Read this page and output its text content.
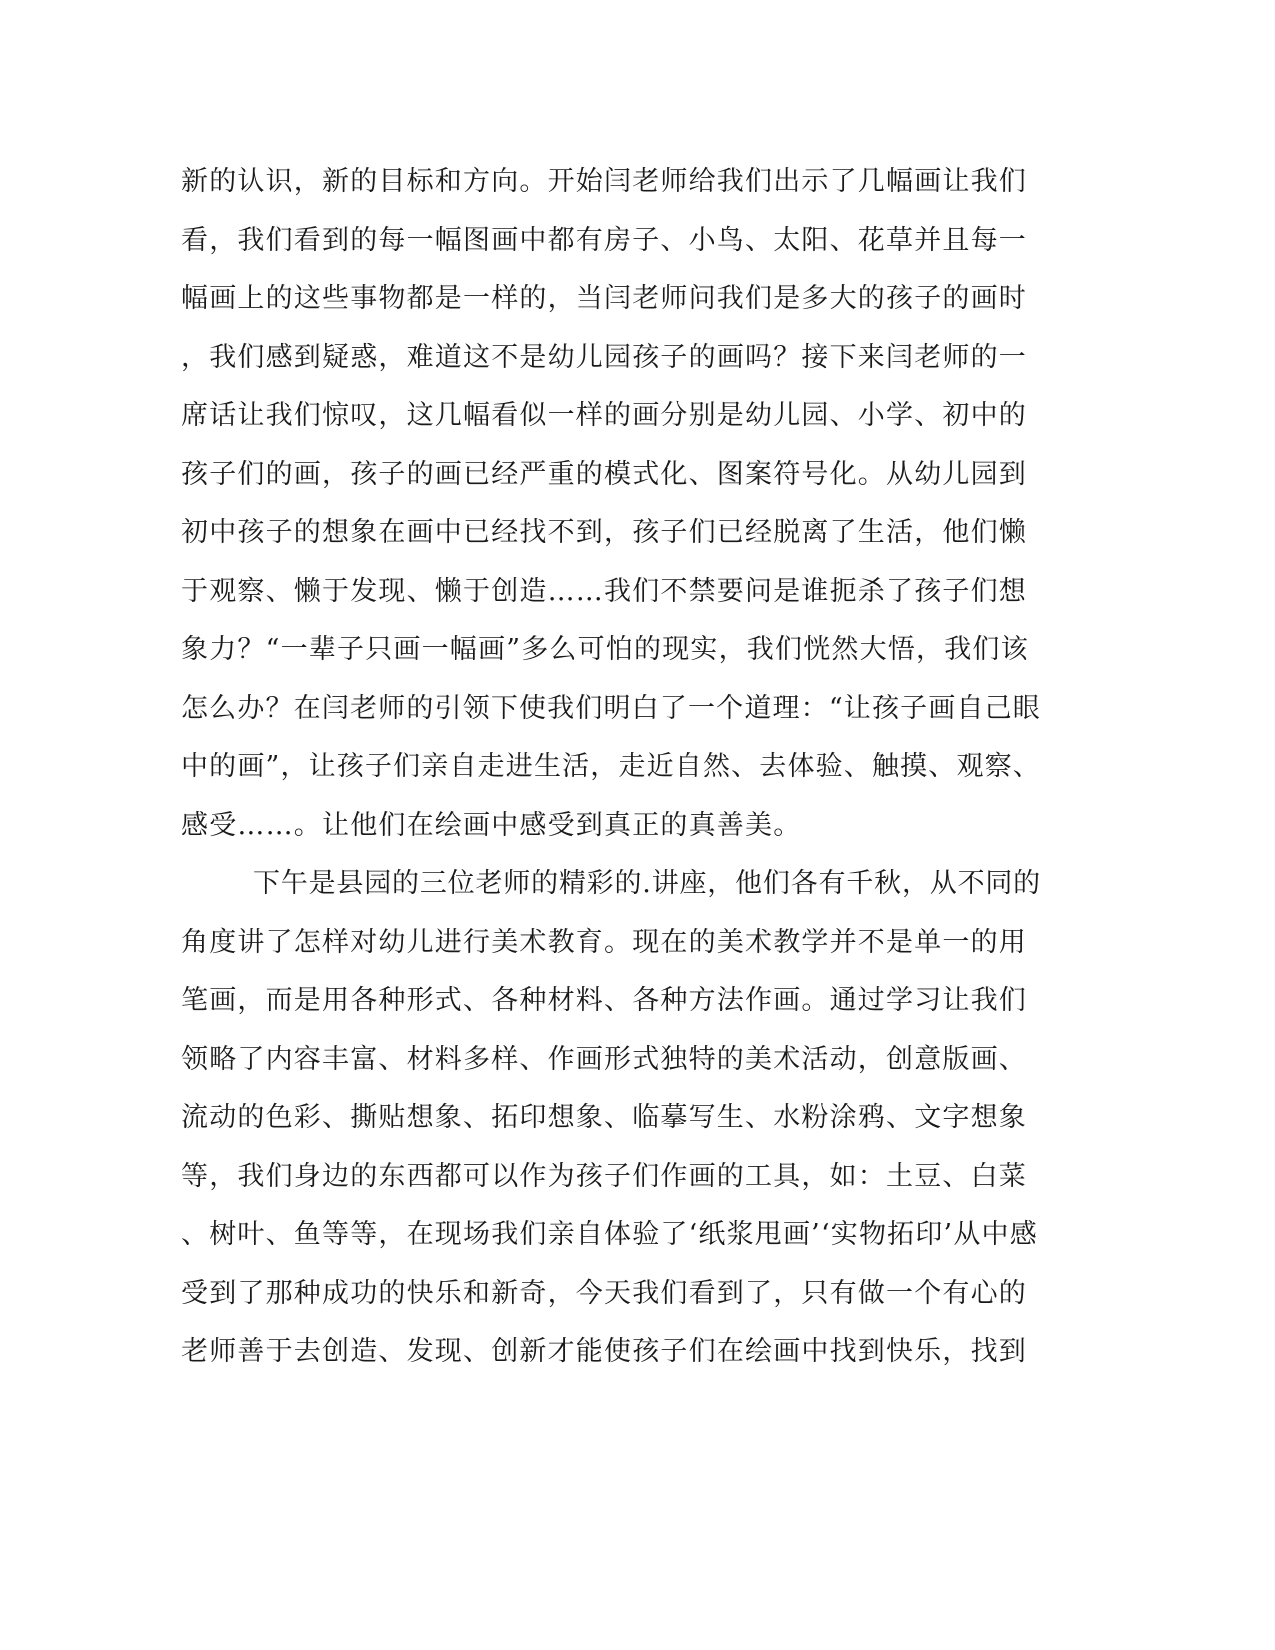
新的认识，新的目标和方向。开始闫老师给我们出示了几幅画让我们
看，我们看到的每一幅图画中都有房子、小鸟、太阳、花草并且每一
幅画上的这些事物都是一样的，当闫老师问我们是多大的孩子的画时
，我们感到疑惑，难道这不是幼儿园孩子的画吗？接下来闫老师的一
席话让我们惊叹，这几幅看似一样的画分别是幼儿园、小学、初中的
孩子们的画，孩子的画已经严重的模式化、图案符号化。从幼儿园到
初中孩子的想象在画中已经找不到，孩子们已经脱离了生活，他们懒
于观察、懒于发现、懒于创造……我们不禁要问是谁扼杀了孩子们想
象力？“一辈子只画一幅画”多么可怕的现实，我们恍然大悟，我们该
怎么办？在闫老师的引领下使我们明白了一个道理：“让孩子画自己眼
中的画”，让孩子们亲自走进生活，走近自然、去体验、触摸、观察、
感受……。让他们在绘画中感受到真正的真善美。
下午是县园的三位老师的精彩的.讲座，他们各有千秋，从不同的
角度讲了怎样对幼儿进行美术教育。现在的美术教学并不是单一的用
笔画，而是用各种形式、各种材料、各种方法作画。通过学习让我们
领略了内容丰富、材料多样、作画形式独特的美术活动，创意版画、
流动的色彩、撕贴想象、拓印想象、临摹写生、水粉涂鸦、文字想象
等，我们身边的东西都可以作为孩子们作画的工具，如：土豆、白菜
、树叶、鱼等等，在现场我们亲自体验了‘纸浆甩画’‘实物拓印’从中感
受到了那种成功的快乐和新奇，今天我们看到了，只有做一个有心的
老师善于去创造、发现、创新才能使孩子们在绘画中找到快乐，找到
